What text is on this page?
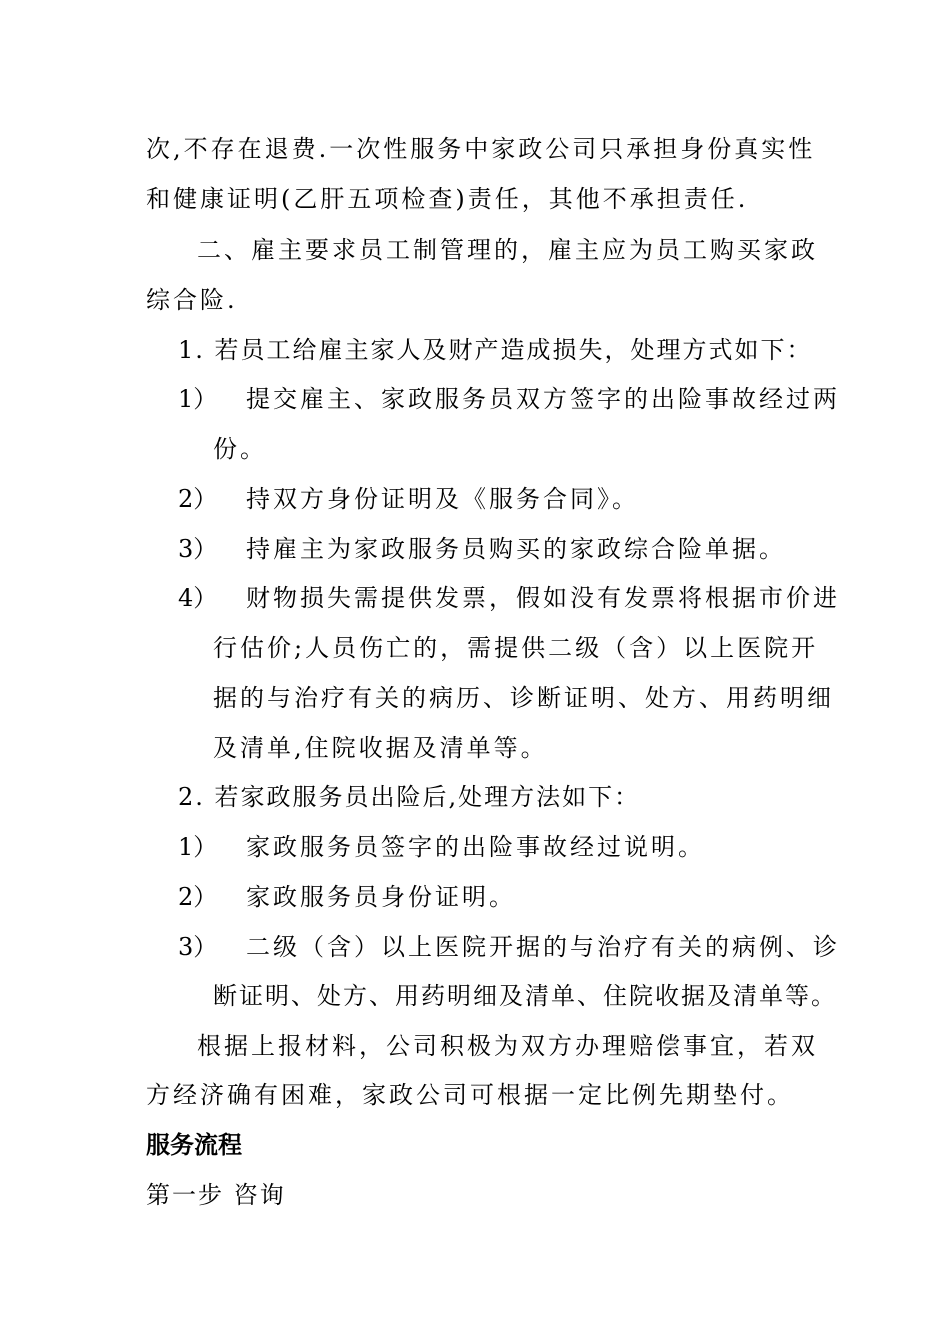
次,不存在退费.一次性服务中家政公司只承担身份真实性
和健康证明(乙肝五项检查)责任，其他不承担责任.
二、雇主要求员工制管理的，雇主应为员工购买家政
综合险.
1. 若员工给雇主家人及财产造成损失，处理方式如下：
1） 提交雇主、家政服务员双方签字的出险事故经过两
份。
2） 持双方身份证明及《服务合同》。
3） 持雇主为家政服务员购买的家政综合险单据。
4） 财物损失需提供发票，假如没有发票将根据市价进
行估价;人员伤亡的，需提供二级（含）以上医院开
据的与治疗有关的病历、诊断证明、处方、用药明细
及清单,住院收据及清单等。
2. 若家政服务员出险后,处理方法如下：
1） 家政服务员签字的出险事故经过说明。
2） 家政服务员身份证明。
3） 二级（含）以上医院开据的与治疗有关的病例、诊
断证明、处方、用药明细及清单、住院收据及清单等。
根据上报材料，公司积极为双方办理赔偿事宜，若双
方经济确有困难，家政公司可根据一定比例先期垫付。
服务流程
第一步 咨询
